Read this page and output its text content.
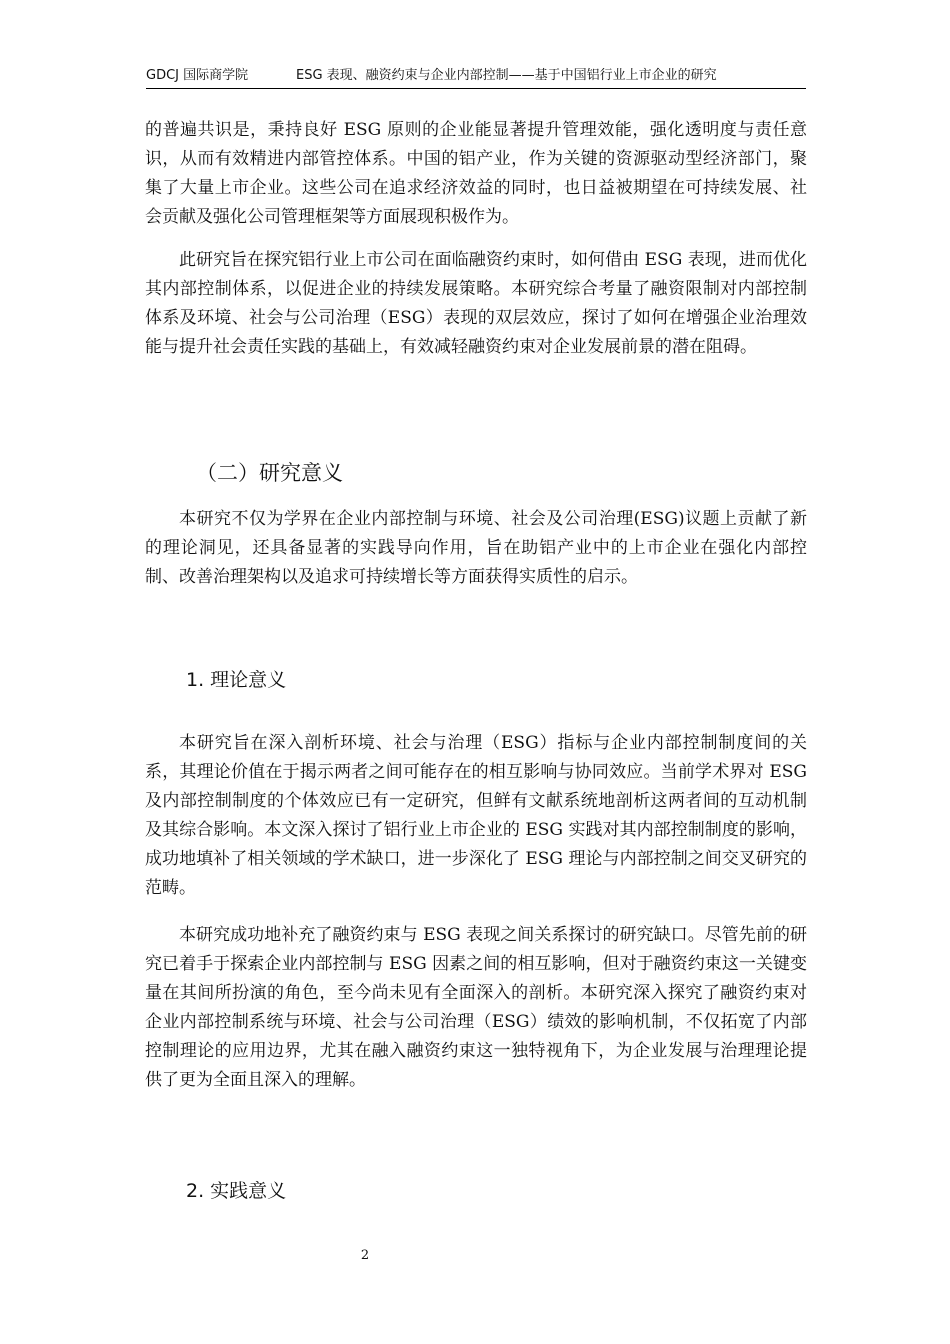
GDCJ 国际商学院	ESG 表现、融资约束与企业内部控制——基于中国铝行业上市企业的研究

的普遍共识是，秉持良好 ESG 原则的企业能显著提升管理效能，强化透明度与责任意识，从而有效精进内部管控体系。中国的铝产业，作为关键的资源驱动型经济部门，聚集了大量上市企业。这些公司在追求经济效益的同时，也日益被期望在可持续发展、社会贡献及强化公司管理框架等方面展现积极作为。

此研究旨在探究铝行业上市公司在面临融资约束时，如何借由 ESG 表现，进而优化其内部控制体系，以促进企业的持续发展策略。本研究综合考量了融资限制对内部控制体系及环境、社会与公司治理（ESG）表现的双层效应，探讨了如何在增强企业治理效能与提升社会责任实践的基础上，有效减轻融资约束对企业发展前景的潜在阻碍。

（二）研究意义

本研究不仅为学界在企业内部控制与环境、社会及公司治理(ESG)议题上贡献了新的理论洞见，还具备显著的实践导向作用，旨在助铝产业中的上市企业在强化内部控制、改善治理架构以及追求可持续增长等方面获得实质性的启示。

1. 理论意义

本研究旨在深入剖析环境、社会与治理（ESG）指标与企业内部控制制度间的关系，其理论价值在于揭示两者之间可能存在的相互影响与协同效应。当前学术界对 ESG 及内部控制制度的个体效应已有一定研究，但鲜有文献系统地剖析这两者间的互动机制及其综合影响。本文深入探讨了铝行业上市企业的 ESG 实践对其内部控制制度的影响，成功地填补了相关领域的学术缺口，进一步深化了 ESG 理论与内部控制之间交叉研究的范畴。

本研究成功地补充了融资约束与 ESG 表现之间关系探讨的研究缺口。尽管先前的研究已着手于探索企业内部控制与 ESG 因素之间的相互影响，但对于融资约束这一关键变量在其间所扮演的角色，至今尚未见有全面深入的剖析。本研究深入探究了融资约束对企业内部控制系统与环境、社会与公司治理（ESG）绩效的影响机制，不仅拓宽了内部控制理论的应用边界，尤其在融入融资约束这一独特视角下，为企业发展与治理理论提供了更为全面且深入的理解。

2. 实践意义
2
